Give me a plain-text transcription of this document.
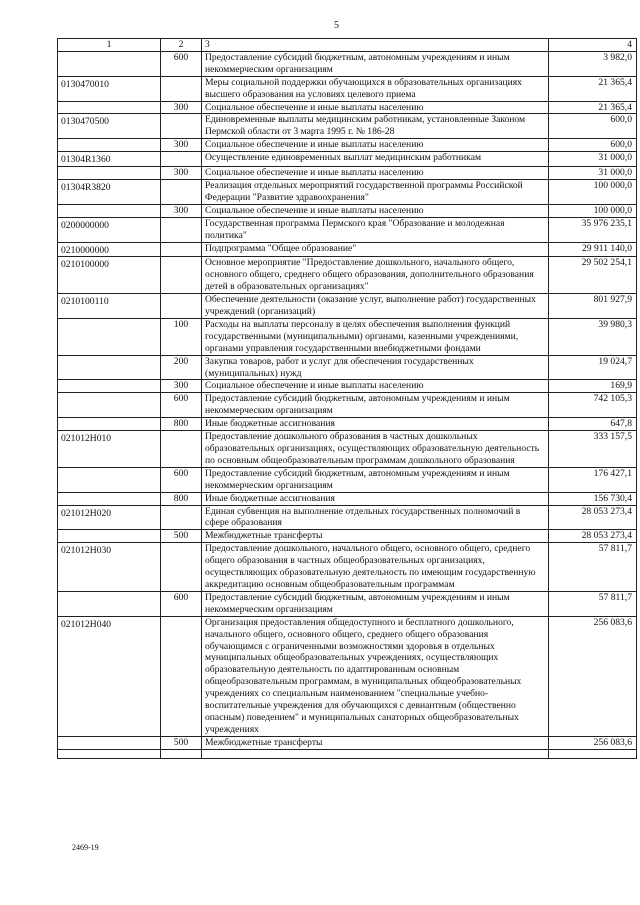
5
1	2	3	4
	600	Предоставление субсидий бюджетным, автономным учреждениям и иным некоммерческим организациям	3 982,0
0130470010		Меры социальной поддержки обучающихся в образовательных организациях высшего образования на условиях целевого приема	21 365,4
	300	Социальное обеспечение и иные выплаты населению	21 365,4
0130470500		Единовременные выплаты медицинским работникам, установленные Законом Пермской области от 3 марта 1995 г. № 186-28	600,0
	300	Социальное обеспечение и иные выплаты населению	600,0
01304R1360		Осуществление единовременных выплат медицинским работникам	31 000,0
	300	Социальное обеспечение и иные выплаты населению	31 000,0
01304R3820		Реализация отдельных мероприятий государственной программы Российской Федерации "Развитие здравоохранения"	100 000,0
	300	Социальное обеспечение и иные выплаты населению	100 000,0
0200000000		Государственная программа Пермского края "Образование и молодежная политика"	35 976 235,1
0210000000		Подпрограмма "Общее образование"	29 911 140,0
0210100000		Основное мероприятие "Предоставление дошкольного, начального общего, основного общего, среднего общего образования, дополнительного образования детей в образовательных организациях"	29 502 254,1
0210100110		Обеспечение деятельности (оказание услуг, выполнение работ) государственных учреждений (организаций)	801 927,9
	100	Расходы на выплаты персоналу в целях обеспечения выполнения функций государственными (муниципальными) органами, казенными учреждениями, органами управления государственными внебюджетными фондами	39 980,3
	200	Закупка товаров, работ и услуг для обеспечения государственных (муниципальных) нужд	19 024,7
	300	Социальное обеспечение и иные выплаты населению	169,9
	600	Предоставление субсидий бюджетным, автономным учреждениям и иным некоммерческим организациям	742 105,3
	800	Иные бюджетные ассигнования	647,8
021012Н010		Предоставление дошкольного образования в частных дошкольных образовательных организациях, осуществляющих образовательную деятельность по основным общеобразовательным программам дошкольного образования	333 157,5
	600	Предоставление субсидий бюджетным, автономным учреждениям и иным некоммерческим организациям	176 427,1
	800	Иные бюджетные ассигнования	156 730,4
021012Н020		Единая субвенция на выполнение отдельных государственных полномочий в сфере образования	28 053 273,4
	500	Межбюджетные трансферты	28 053 273,4
021012Н030		Предоставление дошкольного, начального общего, основного общего, среднего общего образования в частных общеобразовательных организациях, осуществляющих образовательную деятельность по имеющим государственную аккредитацию основным общеобразовательным программам	57 811,7
	600	Предоставление субсидий бюджетным, автономным учреждениям и иным некоммерческим организациям	57 811,7
021012Н040		Организация предоставления общедоступного и бесплатного дошкольного, начального общего, основного общего, среднего общего образования обучающимся с ограниченными возможностями здоровья в отдельных муниципальных общеобразовательных учреждениях, осуществляющих образовательную деятельность по адаптированным основным общеобразовательным программам, в муниципальных общеобразовательных учреждениях со специальным наименованием "специальные учебно-воспитательные учреждения для обучающихся с девиантным (общественно опасным) поведением" и муниципальных санаторных общеобразовательных учреждениях	256 083,6
	500	Межбюджетные трансферты	256 083,6

2469-19
